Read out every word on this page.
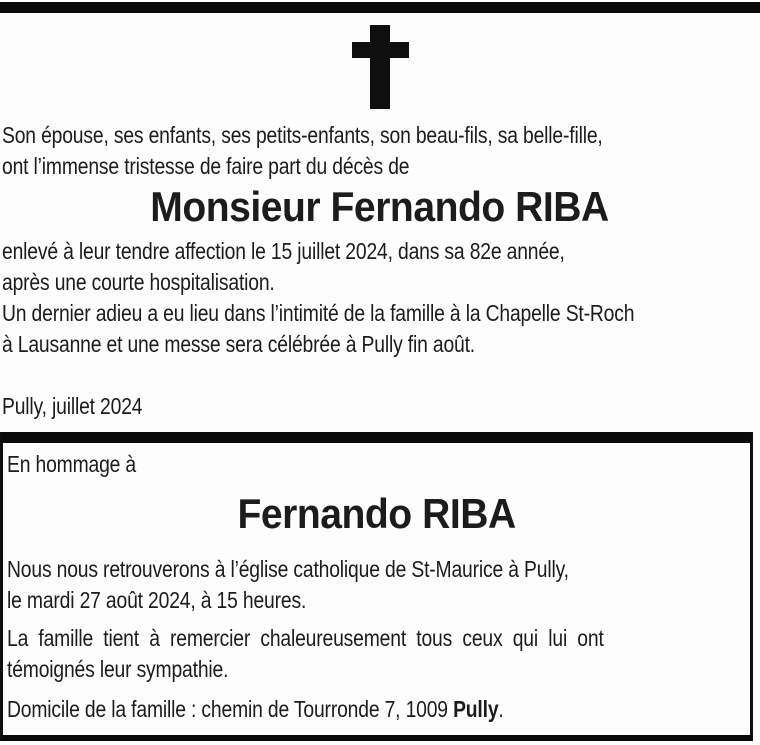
Son épouse, ses enfants, ses petits-enfants, son beau-fils, sa belle-fille,
ont l’immense tristesse de faire part du décès de
Monsieur Fernando RIBA
enlevé à leur tendre affection le 15 juillet 2024, dans sa 82e année,
après une courte hospitalisation.
Un dernier adieu a eu lieu dans l’intimité de la famille à la Chapelle St-Roch
à Lausanne et une messe sera célébrée à Pully fin août.
Pully, juillet 2024
En hommage à
Fernando RIBA
Nous nous retrouverons à l’église catholique de St-Maurice à Pully,
le mardi 27 août 2024, à 15 heures.
La famille tient à remercier chaleureusement tous ceux qui lui ont
témoignés leur sympathie.
Domicile de la famille : chemin de Tourronde 7, 1009 Pully.
